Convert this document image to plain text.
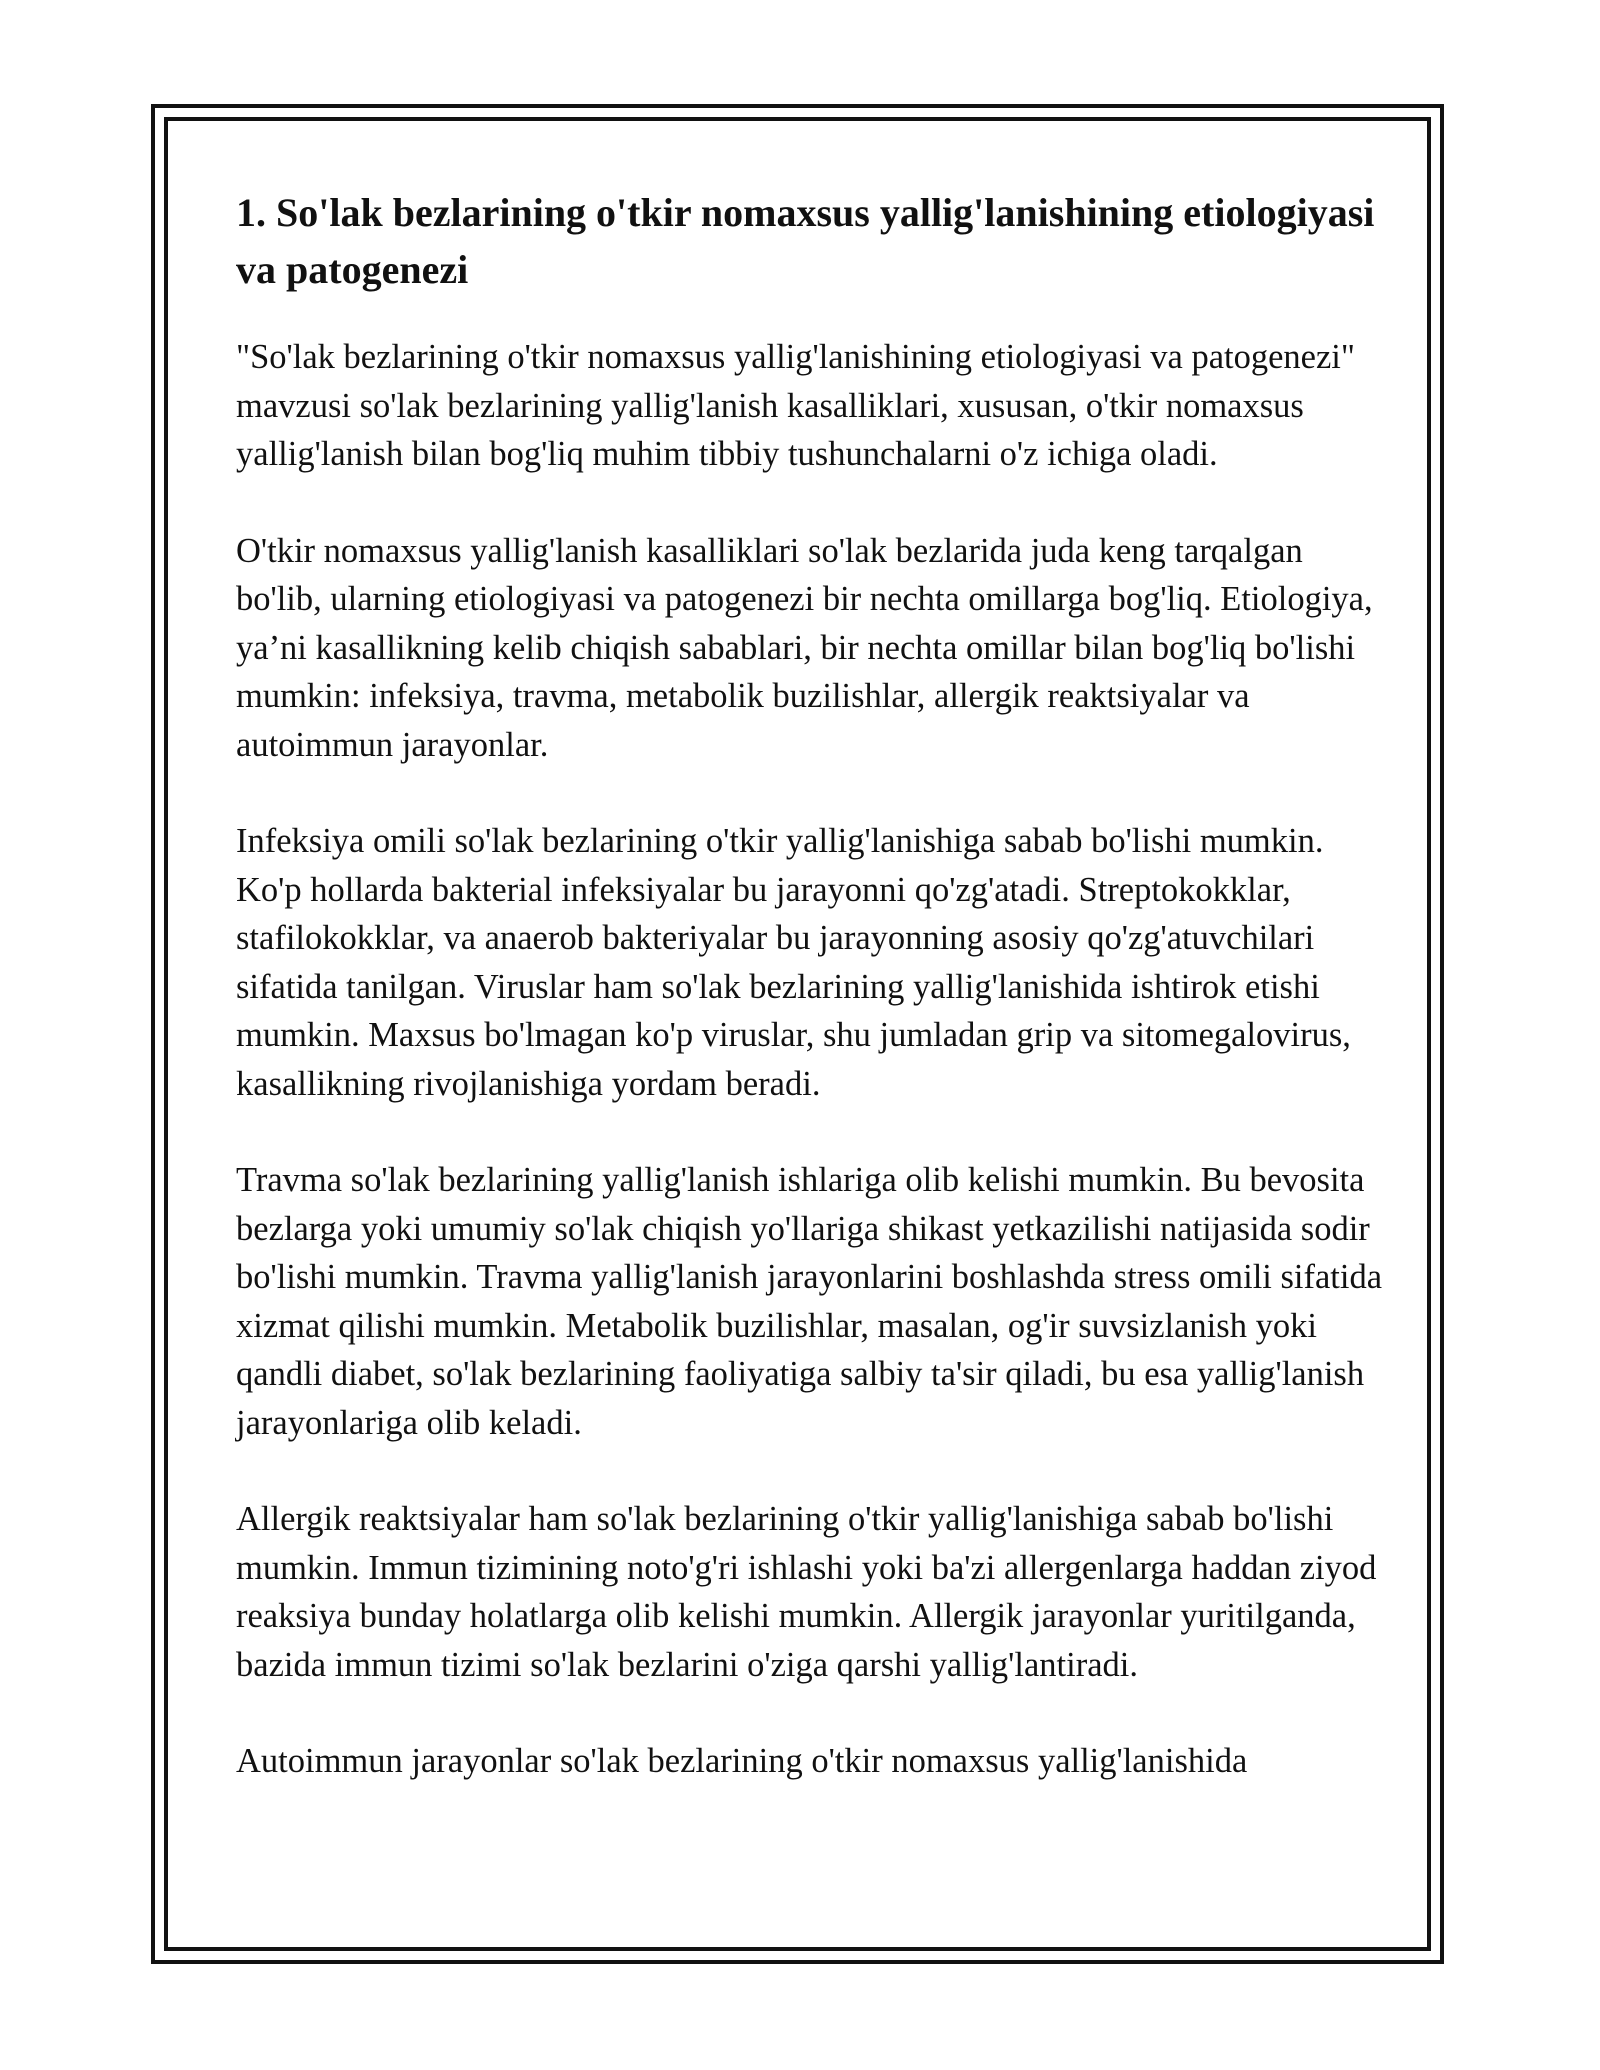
1. So'lak bezlarining o'tkir nomaxsus yallig'lanishining etiologiyasi va patogenezi

"So'lak bezlarining o'tkir nomaxsus yallig'lanishining etiologiyasi va patogenezi" mavzusi so'lak bezlarining yallig'lanish kasalliklari, xususan, o'tkir nomaxsus yallig'lanish bilan bog'liq muhim tibbiy tushunchalarni o'z ichiga oladi.

O'tkir nomaxsus yallig'lanish kasalliklari so'lak bezlarida juda keng tarqalgan bo'lib, ularning etiologiyasi va patogenezi bir nechta omillarga bog'liq. Etiologiya, ya’ni kasallikning kelib chiqish sabablari, bir nechta omillar bilan bog'liq bo'lishi mumkin: infeksiya, travma, metabolik buzilishlar, allergik reaktsiyalar va autoimmun jarayonlar.

Infeksiya omili so'lak bezlarining o'tkir yallig'lanishiga sabab bo'lishi mumkin. Ko'p hollarda bakterial infeksiyalar bu jarayonni qo'zg'atadi. Streptokokklar, stafilokokklar, va anaerob bakteriyalar bu jarayonning asosiy qo'zg'atuvchilari sifatida tanilgan. Viruslar ham so'lak bezlarining yallig'lanishida ishtirok etishi mumkin. Maxsus bo'lmagan ko'p viruslar, shu jumladan grip va sitomegalovirus, kasallikning rivojlanishiga yordam beradi.

Travma so'lak bezlarining yallig'lanish ishlariga olib kelishi mumkin. Bu bevosita bezlarga yoki umumiy so'lak chiqish yo'llariga shikast yetkazilishi natijasida sodir bo'lishi mumkin. Travma yallig'lanish jarayonlarini boshlashda stress omili sifatida xizmat qilishi mumkin. Metabolik buzilishlar, masalan, og'ir suvsizlanish yoki qandli diabet, so'lak bezlarining faoliyatiga salbiy ta'sir qiladi, bu esa yallig'lanish jarayonlariga olib keladi.

Allergik reaktsiyalar ham so'lak bezlarining o'tkir yallig'lanishiga sabab bo'lishi mumkin. Immun tizimining noto'g'ri ishlashi yoki ba'zi allergenlarga haddan ziyod reaksiya bunday holatlarga olib kelishi mumkin. Allergik jarayonlar yuritilganda, bazida immun tizimi so'lak bezlarini o'ziga qarshi yallig'lantiradi.

Autoimmun jarayonlar so'lak bezlarining o'tkir nomaxsus yallig'lanishida
